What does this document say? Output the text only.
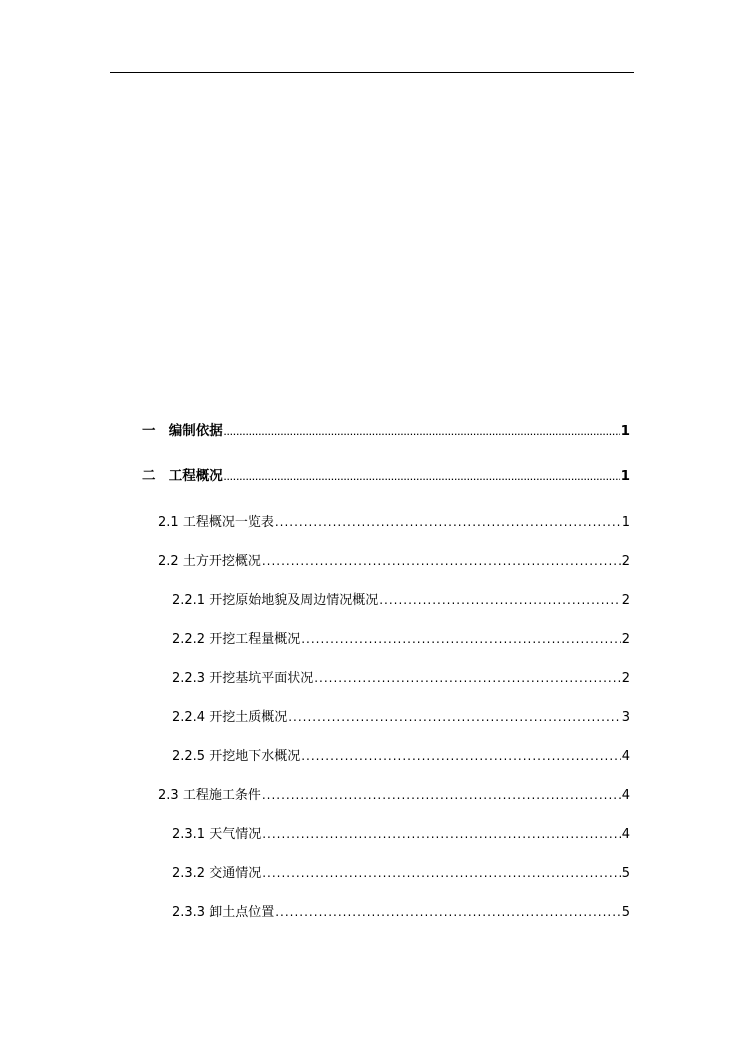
一 编制依据 .....	1
二 工程概况 .....	1
2.1 工程概况一览表 .....	1
2.2 土方开挖概况 .....	2
2.2.1 开挖原始地貌及周边情况概况 .....	2
2.2.2 开挖工程量概况 .....	2
2.2.3 开挖基坑平面状况 .....	2
2.2.4 开挖土质概况 .....	3
2.2.5 开挖地下水概况 .....	4
2.3 工程施工条件 .....	4
2.3.1 天气情况 .....	4
2.3.2 交通情况 .....	5
2.3.3 卸土点位置 .....	5
